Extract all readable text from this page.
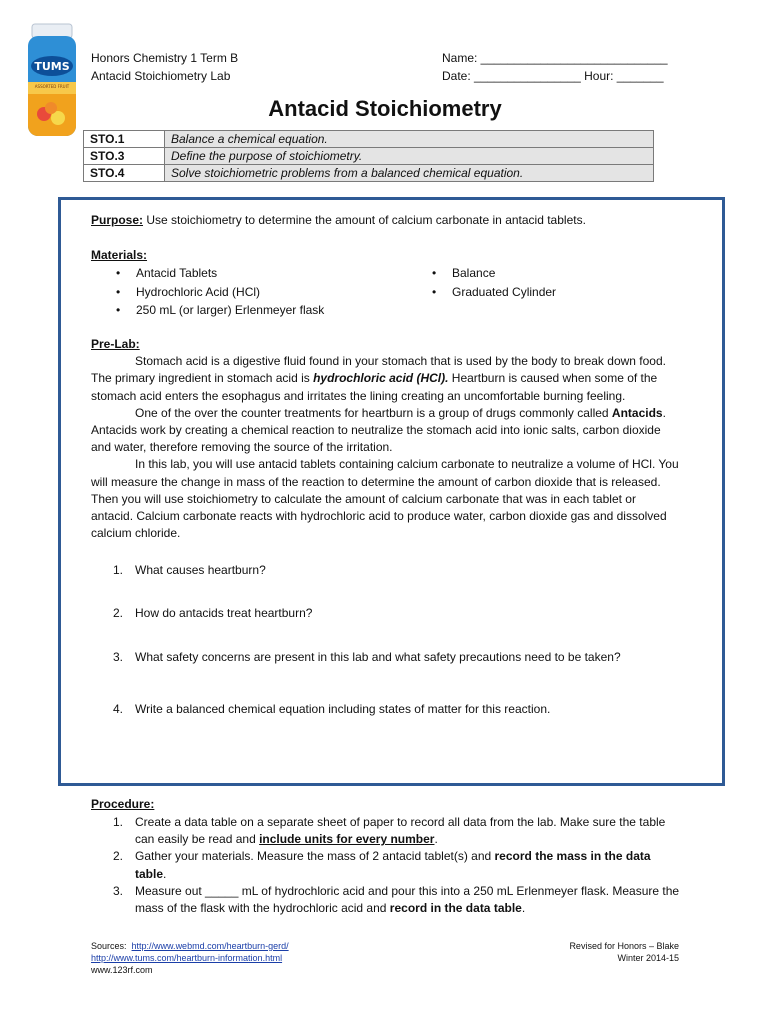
TUMS
ASSORTED FRUIT
Honors Chemistry 1 Term B
Antacid Stoichiometry Lab
Name: ____________________________
Date: ________________ Hour: _______
Antacid Stoichiometry
STO.1	Balance a chemical equation.
STO.3	Define the purpose of stoichiometry.
STO.4	Solve stoichiometric problems from a balanced chemical equation.
Purpose: Use stoichiometry to determine the amount of calcium carbonate in antacid tablets.
Materials:
• Antacid Tablets
• Hydrochloric Acid (HCl)
• 250 mL (or larger) Erlenmeyer flask
• Balance
• Graduated Cylinder

Pre-Lab:

Stomach acid is a digestive fluid found in your stomach that is used by the body to break down food. The primary ingredient in stomach acid is hydrochloric acid (HCl). Heartburn is caused when some of the stomach acid enters the esophagus and irritates the lining creating an uncomfortable burning feeling.

One of the over the counter treatments for heartburn is a group of drugs commonly called Antacids. Antacids work by creating a chemical reaction to neutralize the stomach acid into ionic salts, carbon dioxide and water, therefore removing the source of the irritation.

In this lab, you will use antacid tablets containing calcium carbonate to neutralize a volume of HCl. You will measure the change in mass of the reaction to determine the amount of carbon dioxide that is released. Then you will use stoichiometry to calculate the amount of calcium carbonate that was in each tablet or antacid. Calcium carbonate reacts with hydrochloric acid to produce water, carbon dioxide gas and dissolved calcium chloride.

1. What causes heartburn?
2. How do antacids treat heartburn?
3. What safety concerns are present in this lab and what safety precautions need to be taken?
4. Write a balanced chemical equation including states of matter for this reaction.
Procedure:
1. Create a data table on a separate sheet of paper to record all data from the lab. Make sure the table can easily be read and include units for every number.
2. Gather your materials. Measure the mass of 2 antacid tablet(s) and record the mass in the data table.
3. Measure out _____ mL of hydrochloric acid and pour this into a 250 mL Erlenmeyer flask. Measure the mass of the flask with the hydrochloric acid and record in the data table.
Sources: http://www.webmd.com/heartburn-gerd/
http://www.tums.com/heartburn-information.html
www.123rf.com
Revised for Honors – Blake
Winter 2014-15
